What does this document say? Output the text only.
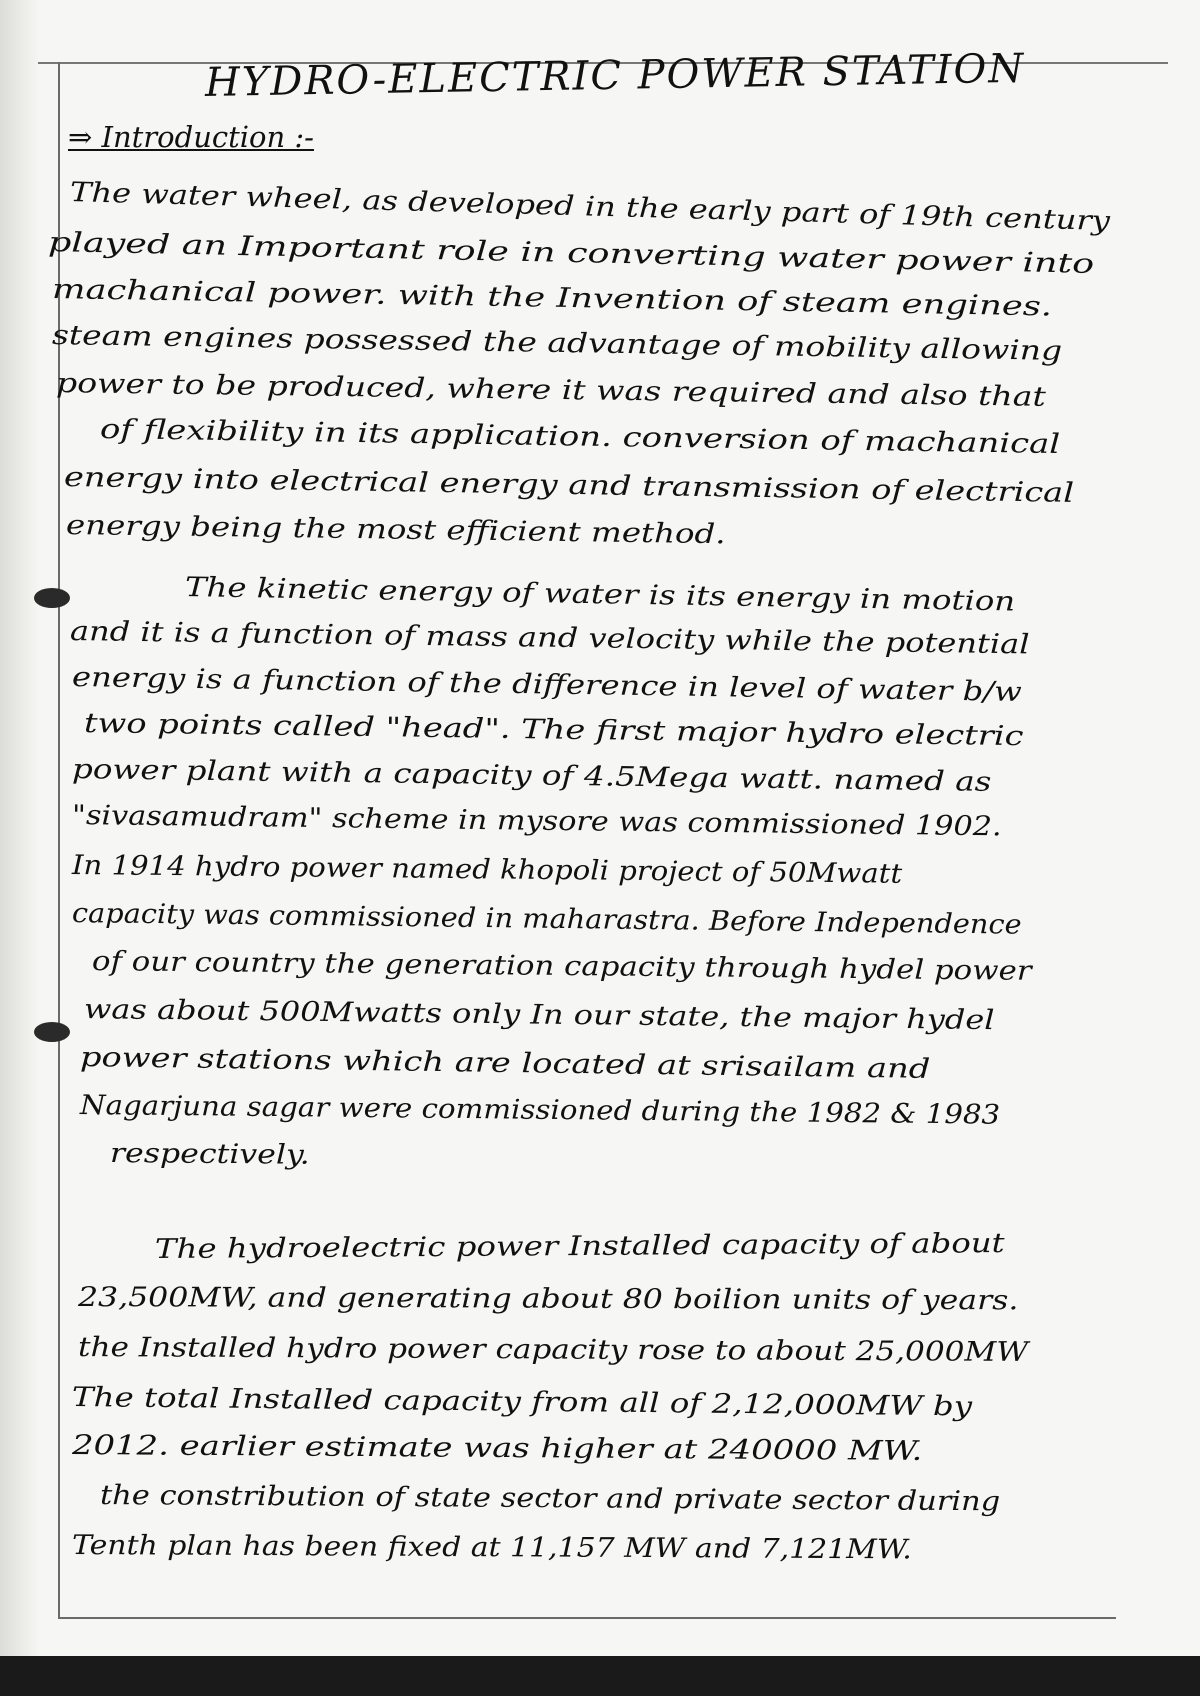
HYDRO-ELECTRIC POWER STATION
⇒ Introduction :-
The water wheel, as developed in the early part of 19th century
played an Important role in converting water power into
machanical power. with the Invention of steam engines.
steam engines possessed the advantage of mobility allowing
power to be produced, where it was required and also that
of flexibility in its application. conversion of machanical
energy into electrical energy and transmission of electrical
energy being the most efficient method.
The kinetic energy of water is its energy in motion
and it is a function of mass and velocity while the potential
energy is a function of the difference in level of water b/w
two points called "head". The first major hydro electric
power plant with a capacity of 4.5Mega watt. named as
"sivasamudram" scheme in mysore was commissioned 1902.
In 1914 hydro power named khopoli project of 50Mwatt
capacity was commissioned in maharastra. Before Independence
of our country the generation capacity through hydel power
was about 500Mwatts only In our state, the major hydel
power stations which are located at srisailam and
Nagarjuna sagar were commissioned during the 1982 & 1983
respectively.
The hydroelectric power Installed capacity of about
23,500MW, and generating about 80 boilion units of years.
the Installed hydro power capacity rose to about 25,000MW
The total Installed capacity from all of 2,12,000MW by
2012. earlier estimate was higher at 240000 MW.
the constribution of state sector and private sector during
Tenth plan has been fixed at 11,157 MW and 7,121MW.
